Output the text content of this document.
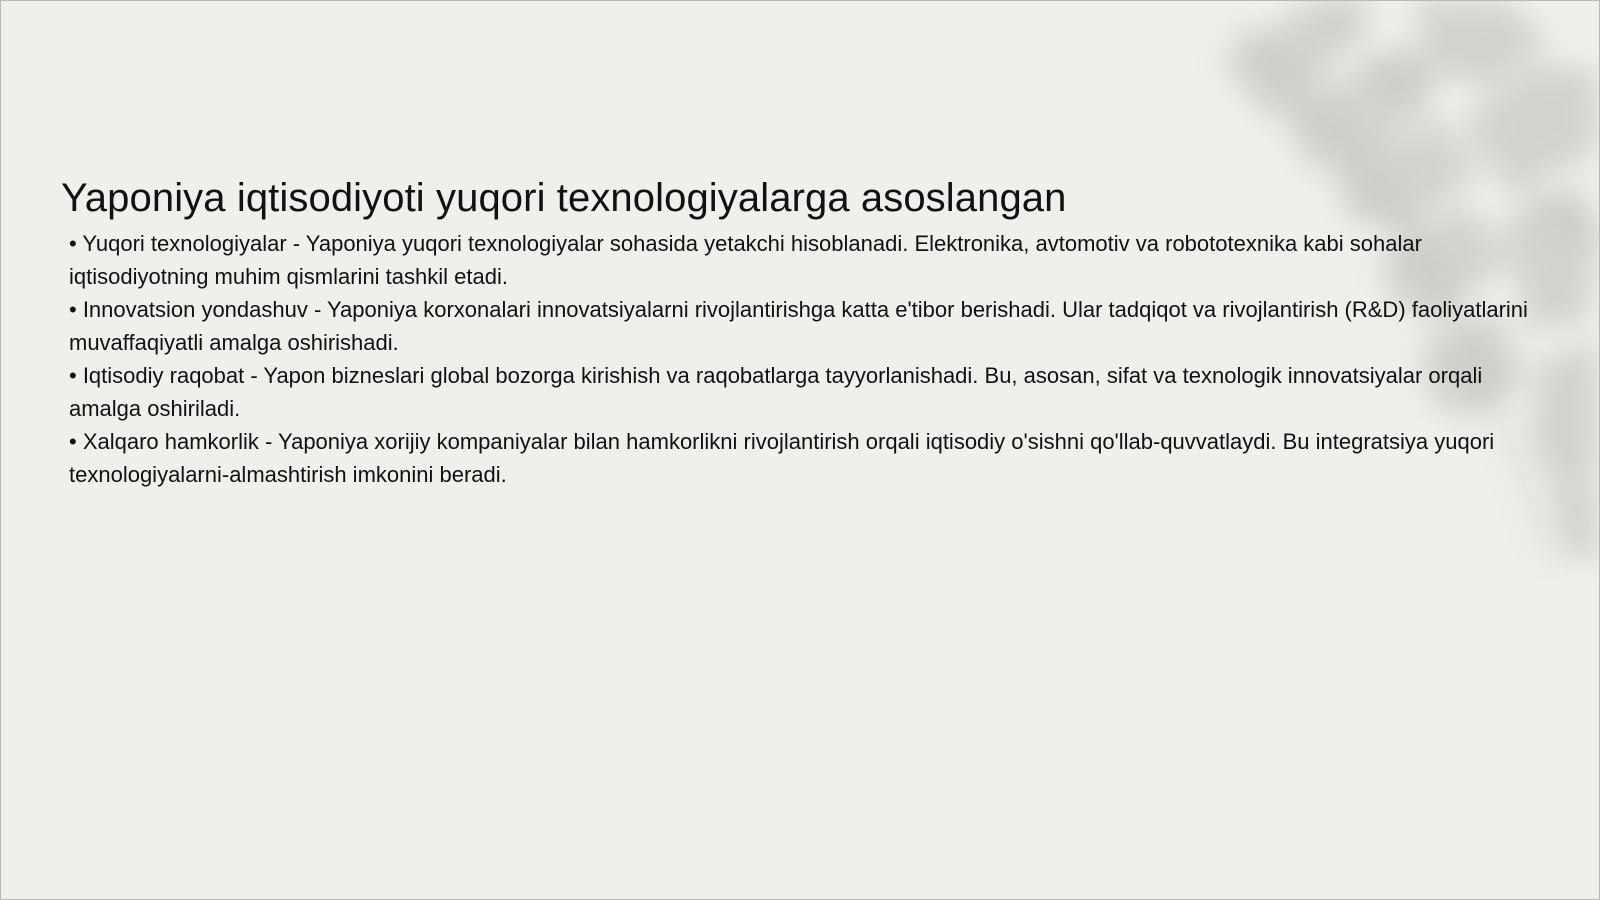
Yaponiya iqtisodiyoti yuqori texnologiyalarga asoslangan
• Yuqori texnologiyalar - Yaponiya yuqori texnologiyalar sohasida yetakchi hisoblanadi. Elektronika, avtomotiv va robototexnika kabi sohalar iqtisodiyotning muhim qismlarini tashkil etadi.
• Innovatsion yondashuv - Yaponiya korxonalari innovatsiyalarni rivojlantirishga katta e'tibor berishadi. Ular tadqiqot va rivojlantirish (R&D) faoliyatlarini muvaffaqiyatli amalga oshirishadi.
• Iqtisodiy raqobat - Yapon bizneslari global bozorga kirishish va raqobatlarga tayyorlanishadi. Bu, asosan, sifat va texnologik innovatsiyalar orqali amalga oshiriladi.
• Xalqaro hamkorlik - Yaponiya xorijiy kompaniyalar bilan hamkorlikni rivojlantirish orqali iqtisodiy o'sishni qo'llab-quvvatlaydi. Bu integratsiya yuqori texnologiyalarni-almashtirish imkonini beradi.
